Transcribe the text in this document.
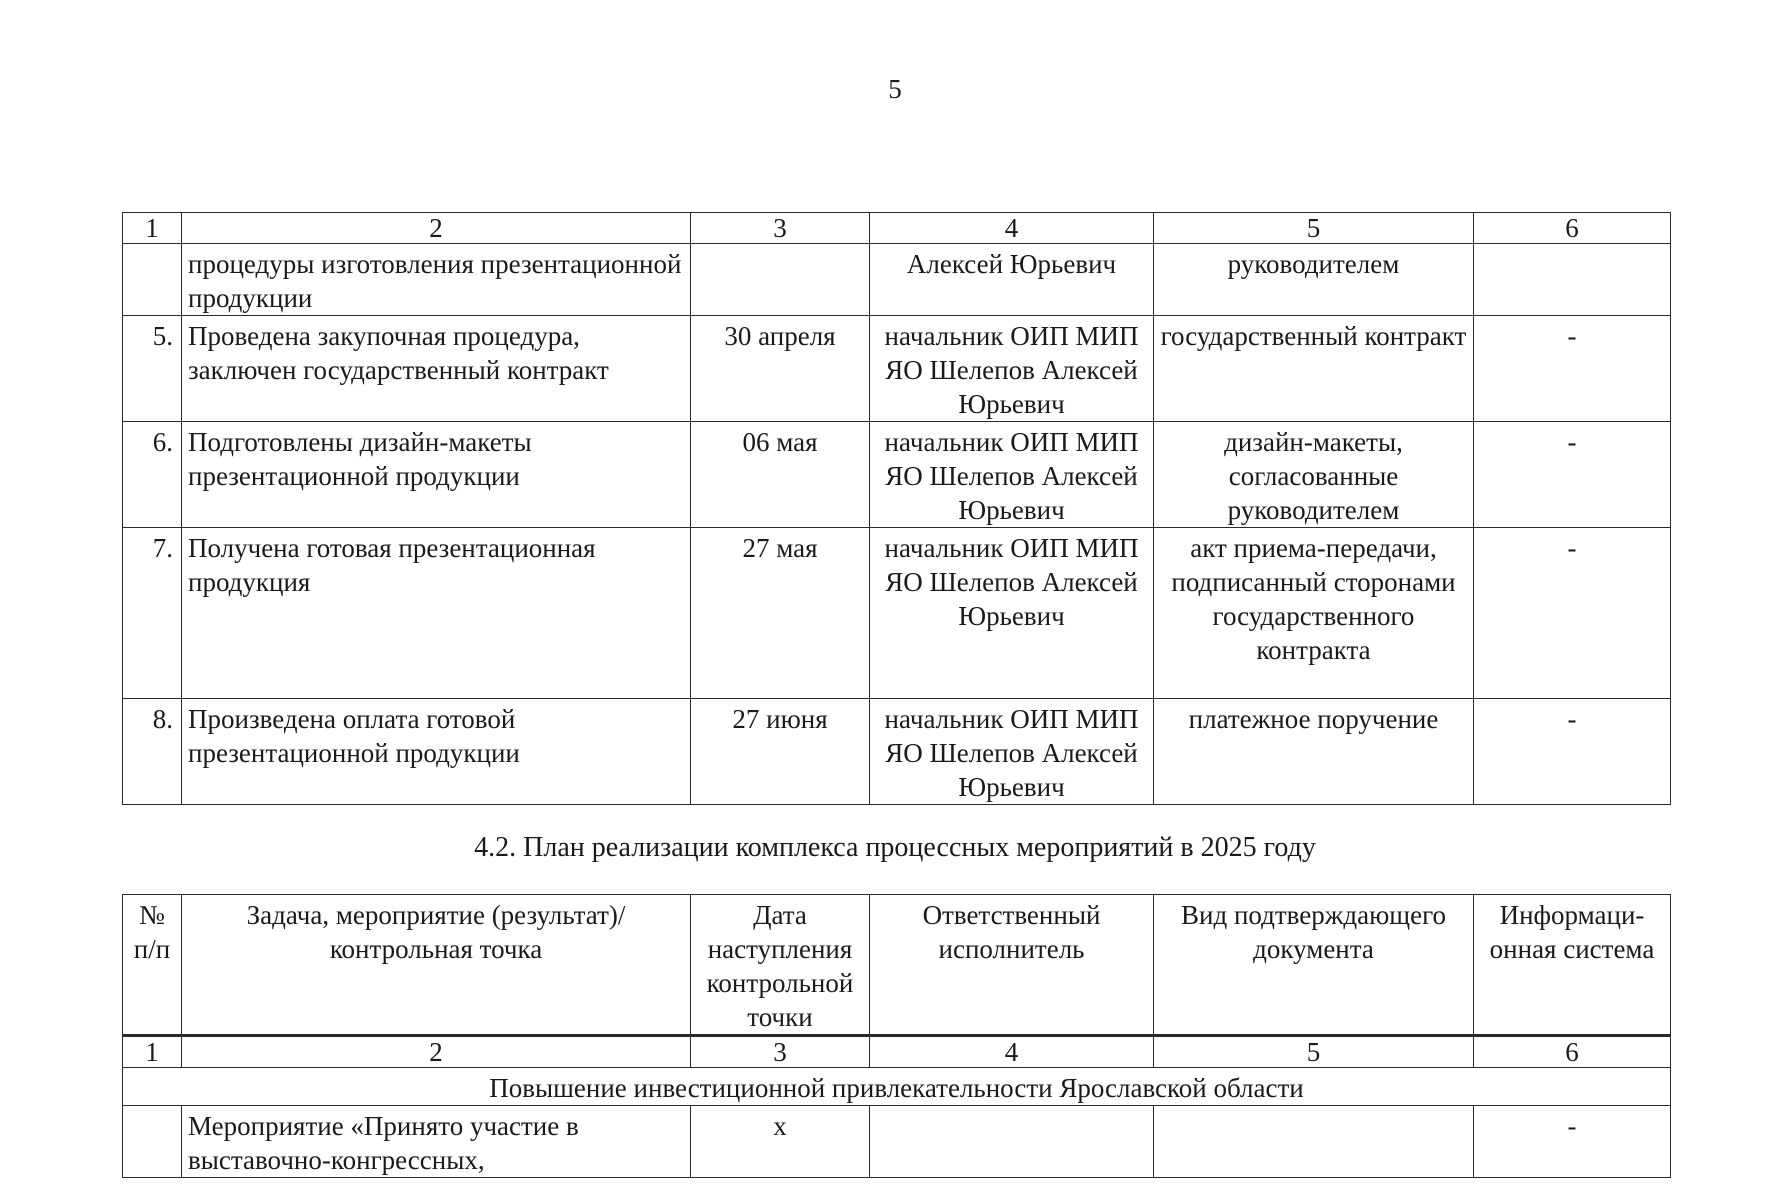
5
1	2	3	4	5	6
	процедуры изготовления презентационной продукции		Алексей Юрьевич	руководителем	
5.	Проведена закупочная процедура, заключен государственный контракт	30 апреля	начальник ОИП МИП ЯО Шелепов Алексей Юрьевич	государственный контракт	-
6.	Подготовлены дизайн-макеты презентационной продукции	06 мая	начальник ОИП МИП ЯО Шелепов Алексей Юрьевич	дизайн-макеты, согласованные руководителем	-
7.	Получена готовая презентационная продукция	27 мая	начальник ОИП МИП ЯО Шелепов Алексей Юрьевич	акт приема-передачи, подписанный сторонами государственного контракта	-
8.	Произведена оплата готовой презентационной продукции	27 июня	начальник ОИП МИП ЯО Шелепов Алексей Юрьевич	платежное поручение	-
4.2. План реализации комплекса процессных мероприятий в 2025 году
№ п/п	Задача, мероприятие (результат)/ контрольная точка	Дата наступления контрольной точки	Ответственный исполнитель	Вид подтверждающего документа	Информаци-онная система
1	2	3	4	5	6
Повышение инвестиционной привлекательности Ярославской области					
	Мероприятие «Принято участие в выставочно-конгрессных,	х			-
